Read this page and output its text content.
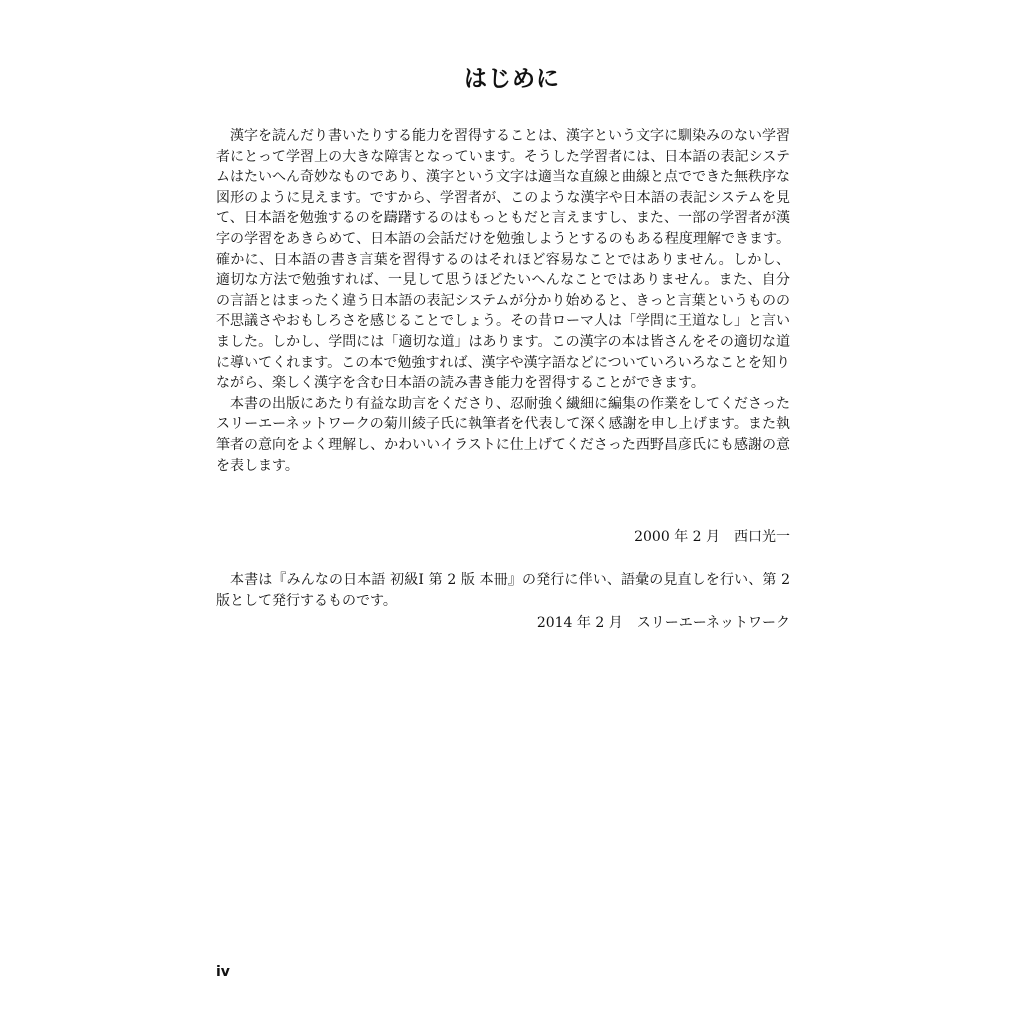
はじめに

漢字を読んだり書いたりする能力を習得することは、漢字という文字に馴染みのない学習者にとって学習上の大きな障害となっています。そうした学習者には、日本語の表記システムはたいへん奇妙なものであり、漢字という文字は適当な直線と曲線と点でできた無秩序な図形のように見えます。ですから、学習者が、このような漢字や日本語の表記システムを見て、日本語を勉強するのを躊躇するのはもっともだと言えますし、また、一部の学習者が漢字の学習をあきらめて、日本語の会話だけを勉強しようとするのもある程度理解できます。確かに、日本語の書き言葉を習得するのはそれほど容易なことではありません。しかし、適切な方法で勉強すれば、一見して思うほどたいへんなことではありません。また、自分の言語とはまったく違う日本語の表記システムが分かり始めると、きっと言葉というものの不思議さやおもしろさを感じることでしょう。その昔ローマ人は「学問に王道なし」と言いました。しかし、学問には「適切な道」はあります。この漢字の本は皆さんをその適切な道に導いてくれます。この本で勉強すれば、漢字や漢字語などについていろいろなことを知りながら、楽しく漢字を含む日本語の読み書き能力を習得することができます。

本書の出版にあたり有益な助言をくださり、忍耐強く繊細に編集の作業をしてくださったスリーエーネットワークの菊川綾子氏に執筆者を代表して深く感謝を申し上げます。また執筆者の意向をよく理解し、かわいいイラストに仕上げてくださった西野昌彦氏にも感謝の意を表します。

2000 年 2 月　西口光一

本書は『みんなの日本語 初級Ⅰ 第 2 版 本冊』の発行に伴い、語彙の見直しを行い、第 2 版として発行するものです。

2014 年 2 月　スリーエーネットワーク
iv
